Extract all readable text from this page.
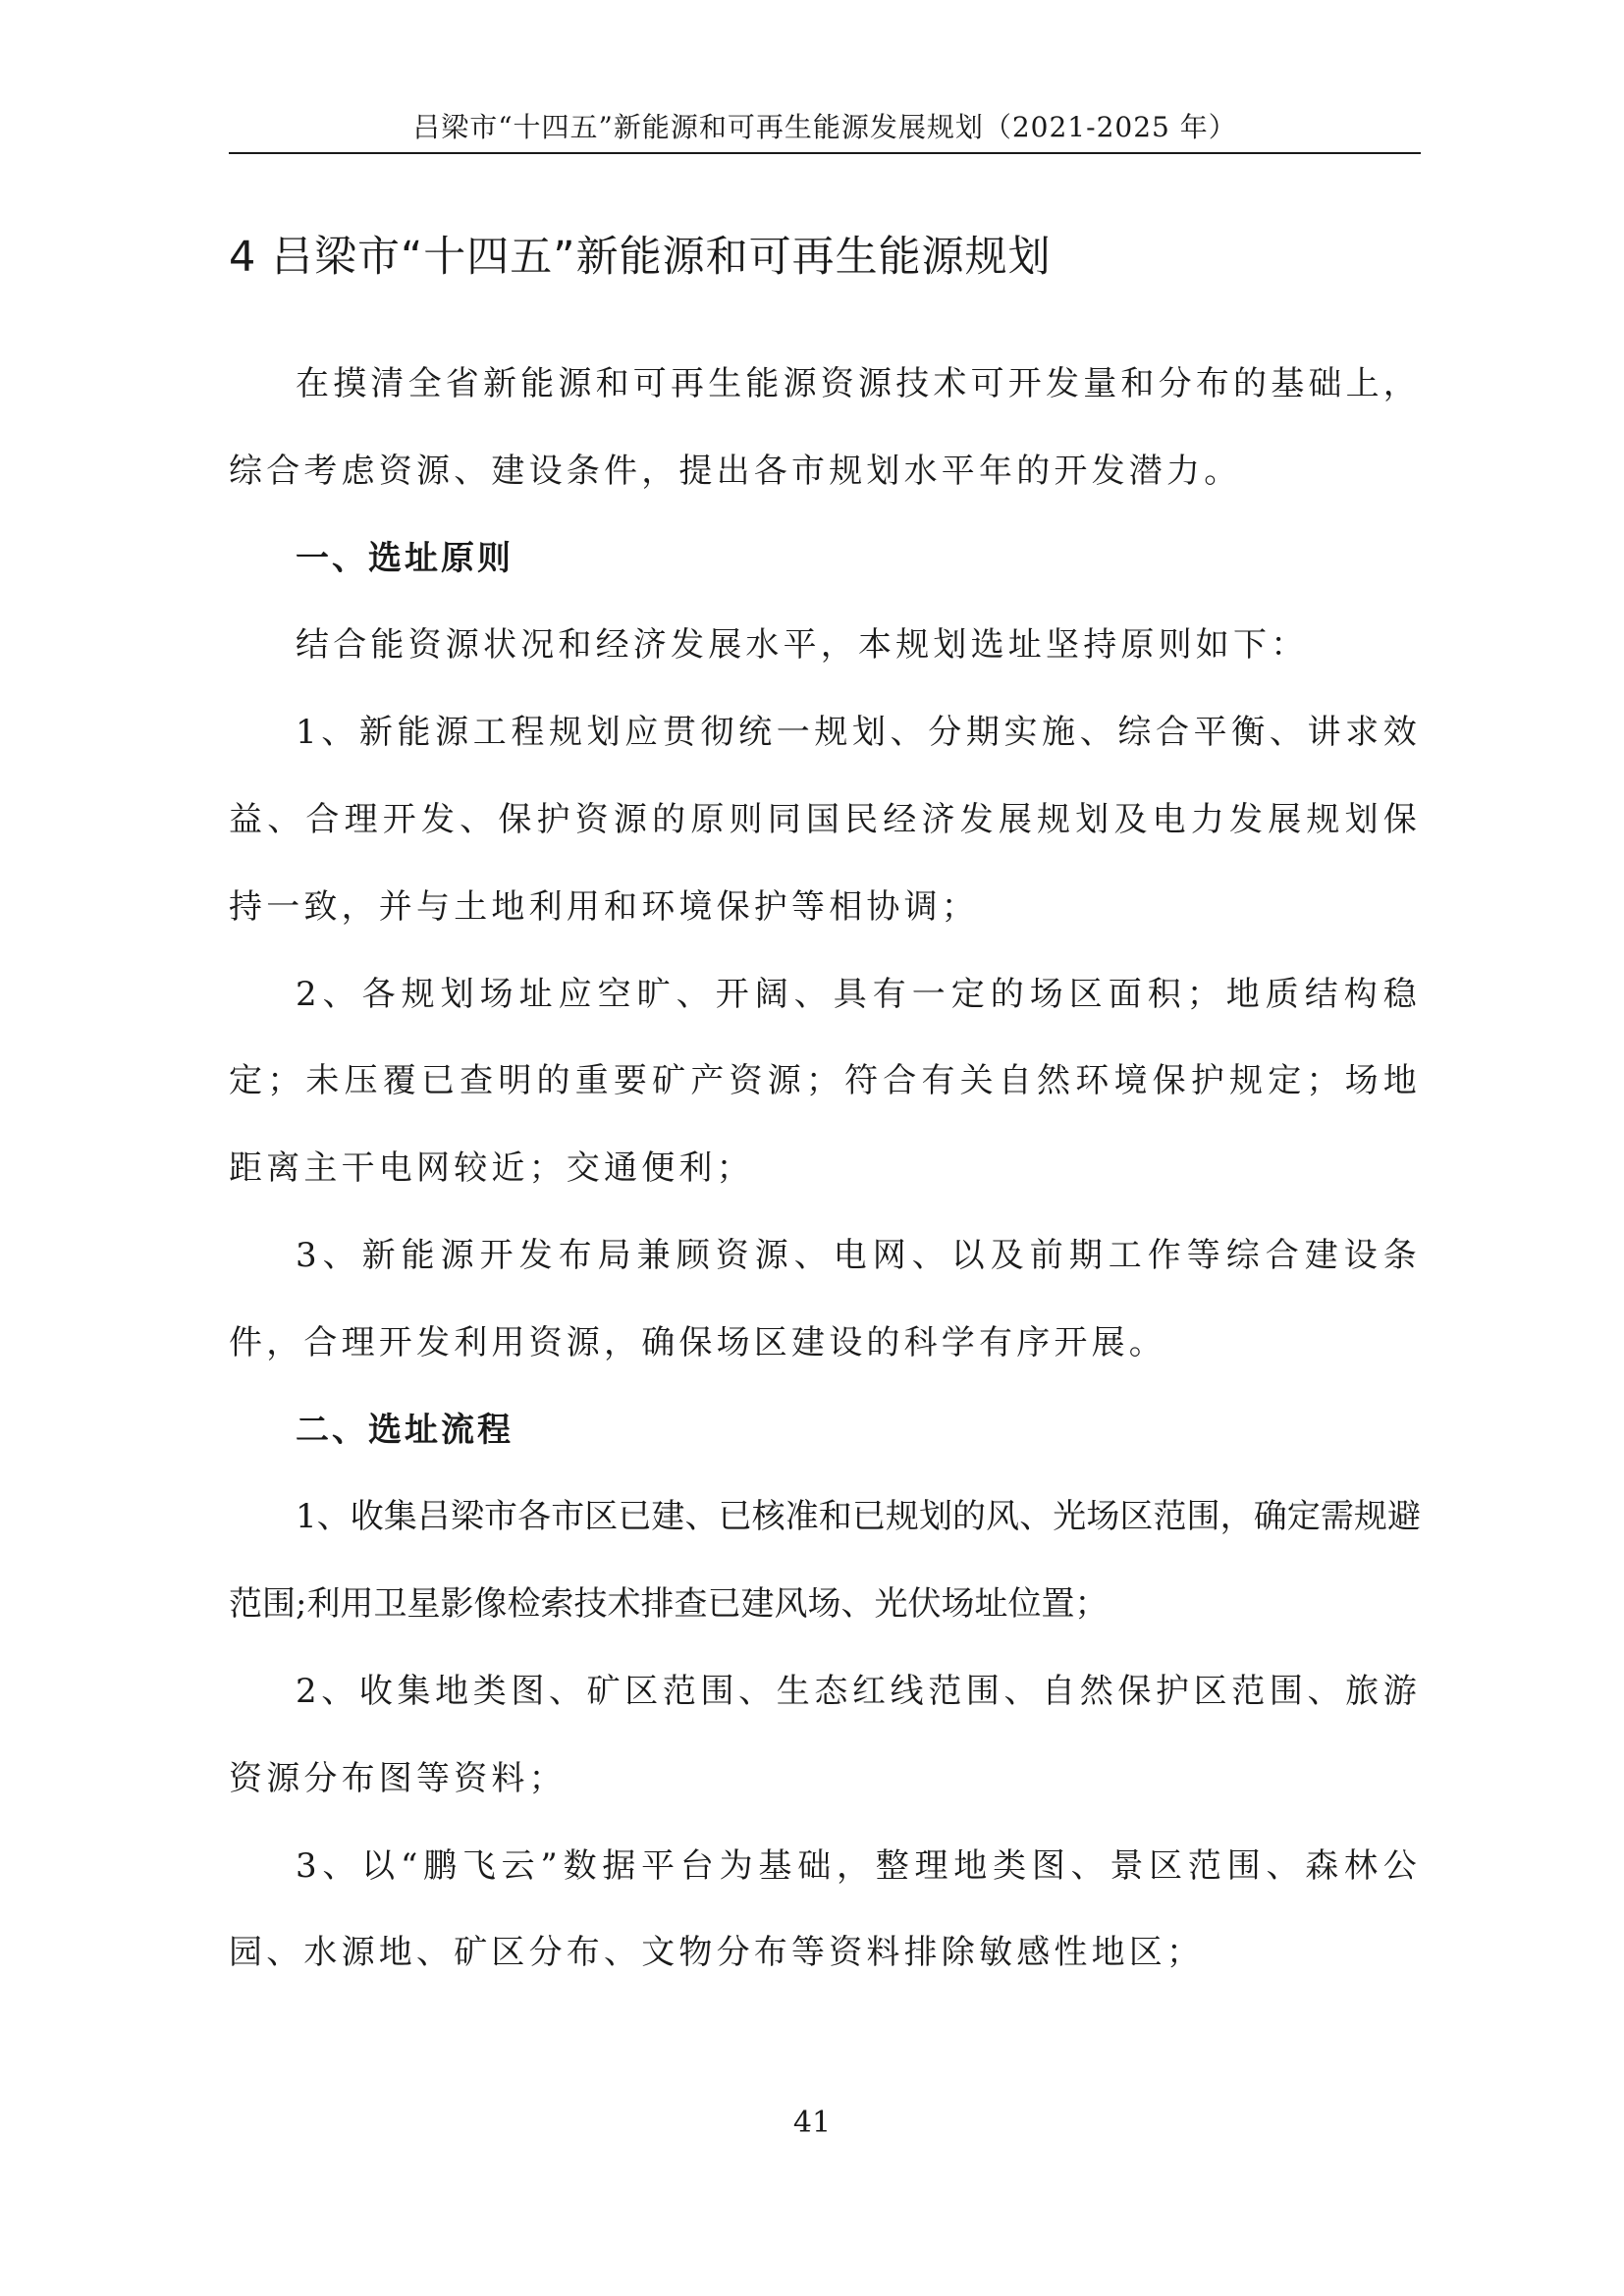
吕梁市“十四五”新能源和可再生能源发展规划（2021-2025 年）
4 吕梁市“十四五”新能源和可再生能源规划

在摸清全省新能源和可再生能源资源技术可开发量和分布的基础上，综合考虑资源、建设条件，提出各市规划水平年的开发潜力。

一、选址原则

结合能资源状况和经济发展水平，本规划选址坚持原则如下：

1、新能源工程规划应贯彻统一规划、分期实施、综合平衡、讲求效益、合理开发、保护资源的原则同国民经济发展规划及电力发展规划保持一致，并与土地利用和环境保护等相协调；

2、各规划场址应空旷、开阔、具有一定的场区面积；地质结构稳定；未压覆已查明的重要矿产资源；符合有关自然环境保护规定；场地距离主干电网较近；交通便利；

3、新能源开发布局兼顾资源、电网、以及前期工作等综合建设条件，合理开发利用资源，确保场区建设的科学有序开展。

二、选址流程

1、收集吕梁市各市区已建、已核准和已规划的风、光场区范围，确定需规避范围;利用卫星影像检索技术排查已建风场、光伏场址位置；

2、收集地类图、矿区范围、生态红线范围、自然保护区范围、旅游资源分布图等资料；

3、以“鹏飞云”数据平台为基础，整理地类图、景区范围、森林公园、水源地、矿区分布、文物分布等资料排除敏感性地区；

41
